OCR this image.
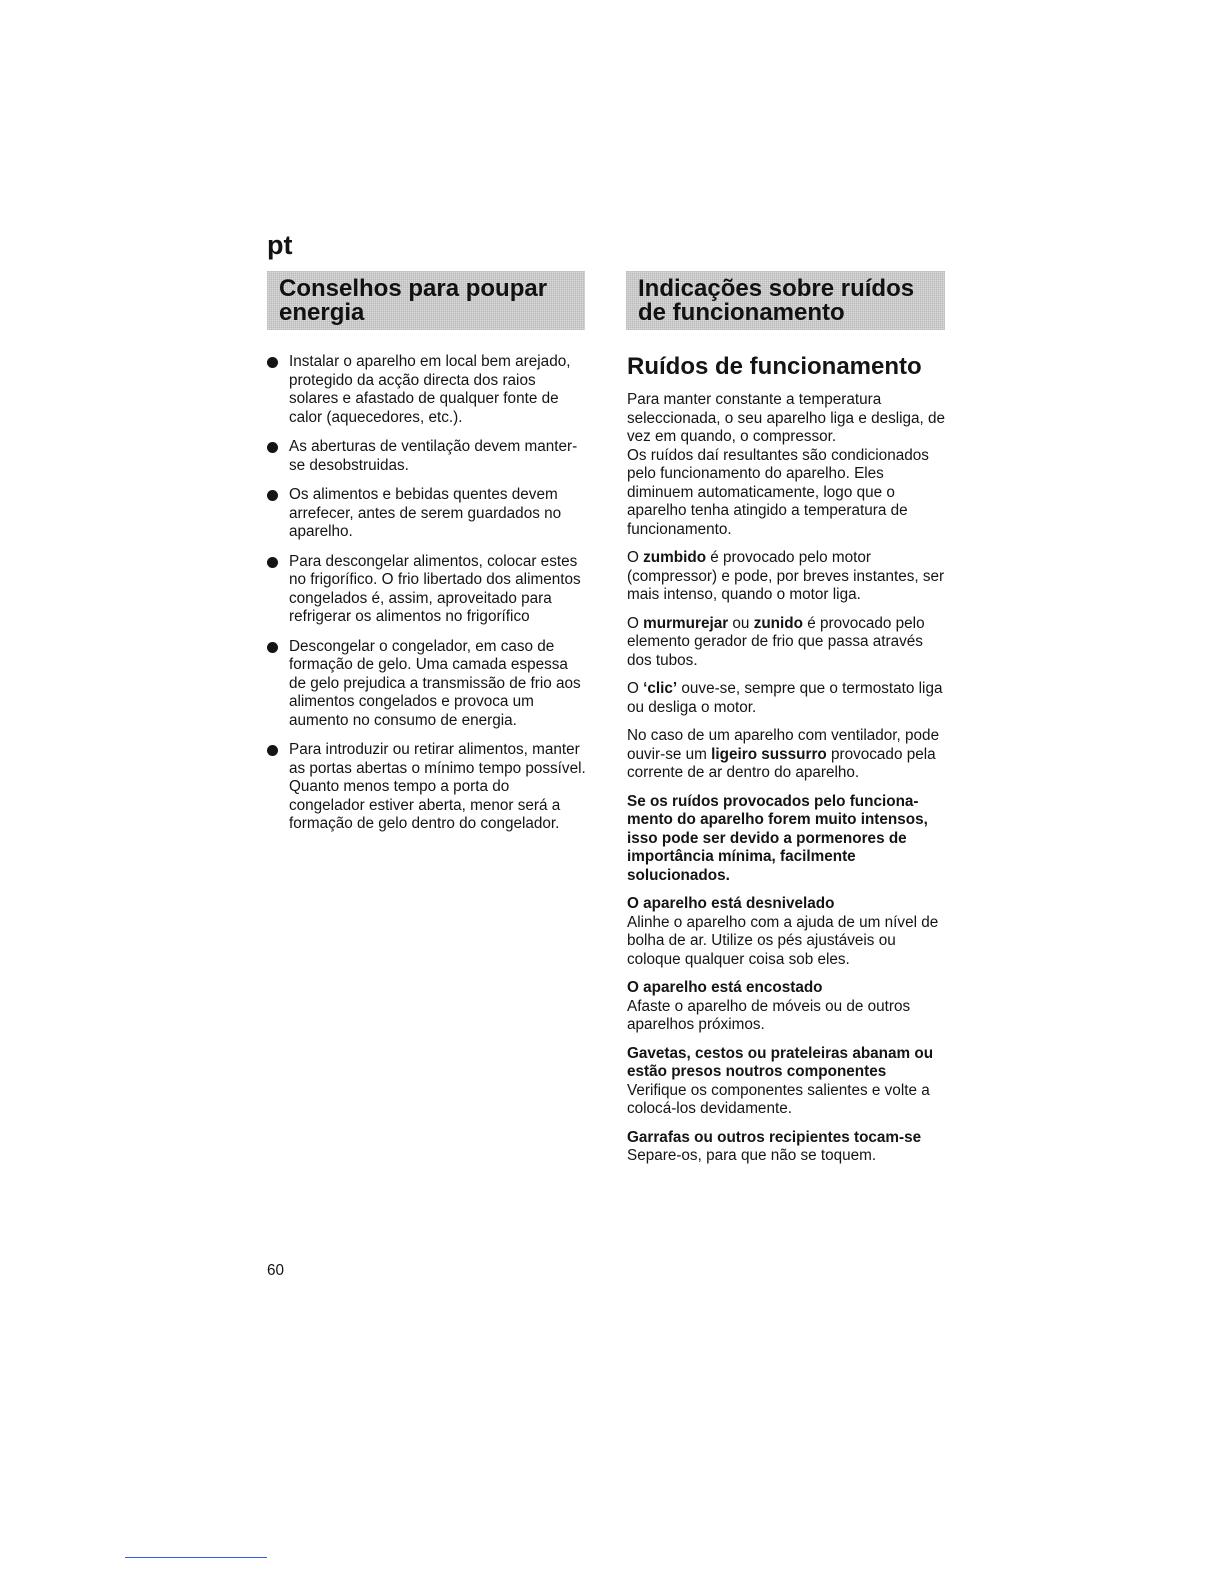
pt
Conselhos para poupar
energia
Indicações sobre ruídos
de funcionamento

Instalar o aparelho em local bem arejado, protegido da acção directa dos raios solares e afastado de qualquer fonte de calor (aquecedores, etc.).

As aberturas de ventilação devem manter-se desobstruidas.

Os alimentos e bebidas quentes devem arrefecer, antes de serem guardados no aparelho.

Para descongelar alimentos, colocar estes no frigorífico. O frio libertado dos alimentos congelados é, assim, aproveitado para refrigerar os alimentos no frigorífico

Descongelar o congelador, em caso de formação de gelo. Uma camada espessa de gelo prejudica a transmissão de frio aos alimentos congelados e provoca um aumento no consumo de energia.

Para introduzir ou retirar alimentos, manter as portas abertas o mínimo tempo possível.

Quanto menos tempo a porta do congelador estiver aberta, menor será a formação de gelo dentro do congelador.

Ruídos de funcionamento

Para manter constante a temperatura seleccionada, o seu aparelho liga e desliga, de vez em quando, o compressor.
Os ruídos daí resultantes são condicionados pelo funcionamento do aparelho. Eles diminuem automaticamente, logo que o aparelho tenha atingido a temperatura de funcionamento.

O zumbido é provocado pelo motor (compressor) e pode, por breves instantes, ser mais intenso, quando o motor liga.

O murmurejar ou zunido é provocado pelo elemento gerador de frio que passa através dos tubos.

O ‘clic’ ouve-se, sempre que o termostato liga ou desliga o motor.

No caso de um aparelho com ventilador, pode ouvir-se um ligeiro sussurro provocado pela corrente de ar dentro do aparelho.

Se os ruídos provocados pelo funciona-mento do aparelho forem muito intensos, isso pode ser devido a pormenores de importância mínima, facilmente solucionados.

O aparelho está desnivelado
Alinhe o aparelho com a ajuda de um nível de bolha de ar. Utilize os pés ajustáveis ou coloque qualquer coisa sob eles.

O aparelho está encostado
Afaste o aparelho de móveis ou de outros aparelhos próximos.

Gavetas, cestos ou prateleiras abanam ou estão presos noutros componentes
Verifique os componentes salientes e volte a colocá-los devidamente.

Garrafas ou outros recipientes tocam-se
Separe-os, para que não se toquem.

60
